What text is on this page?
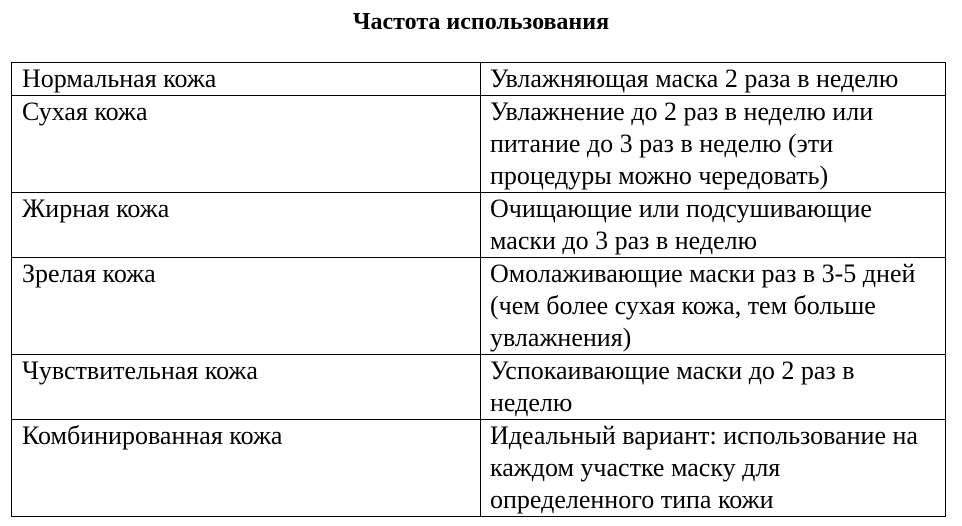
Частота использования
Нормальная кожа	Увлажняющая маска 2 раза в неделю
Сухая кожа	Увлажнение до 2 раз в неделю или питание до 3 раз в неделю (эти процедуры можно чередовать)
Жирная кожа	Очищающие или подсушивающие маски до 3 раз в неделю
Зрелая кожа	Омолаживающие маски раз в 3-5 дней (чем более сухая кожа, тем больше увлажнения)
Чувствительная кожа	Успокаивающие маски до 2 раз в неделю
Комбинированная кожа	Идеальный вариант: использование на каждом участке маску для определенного типа кожи
